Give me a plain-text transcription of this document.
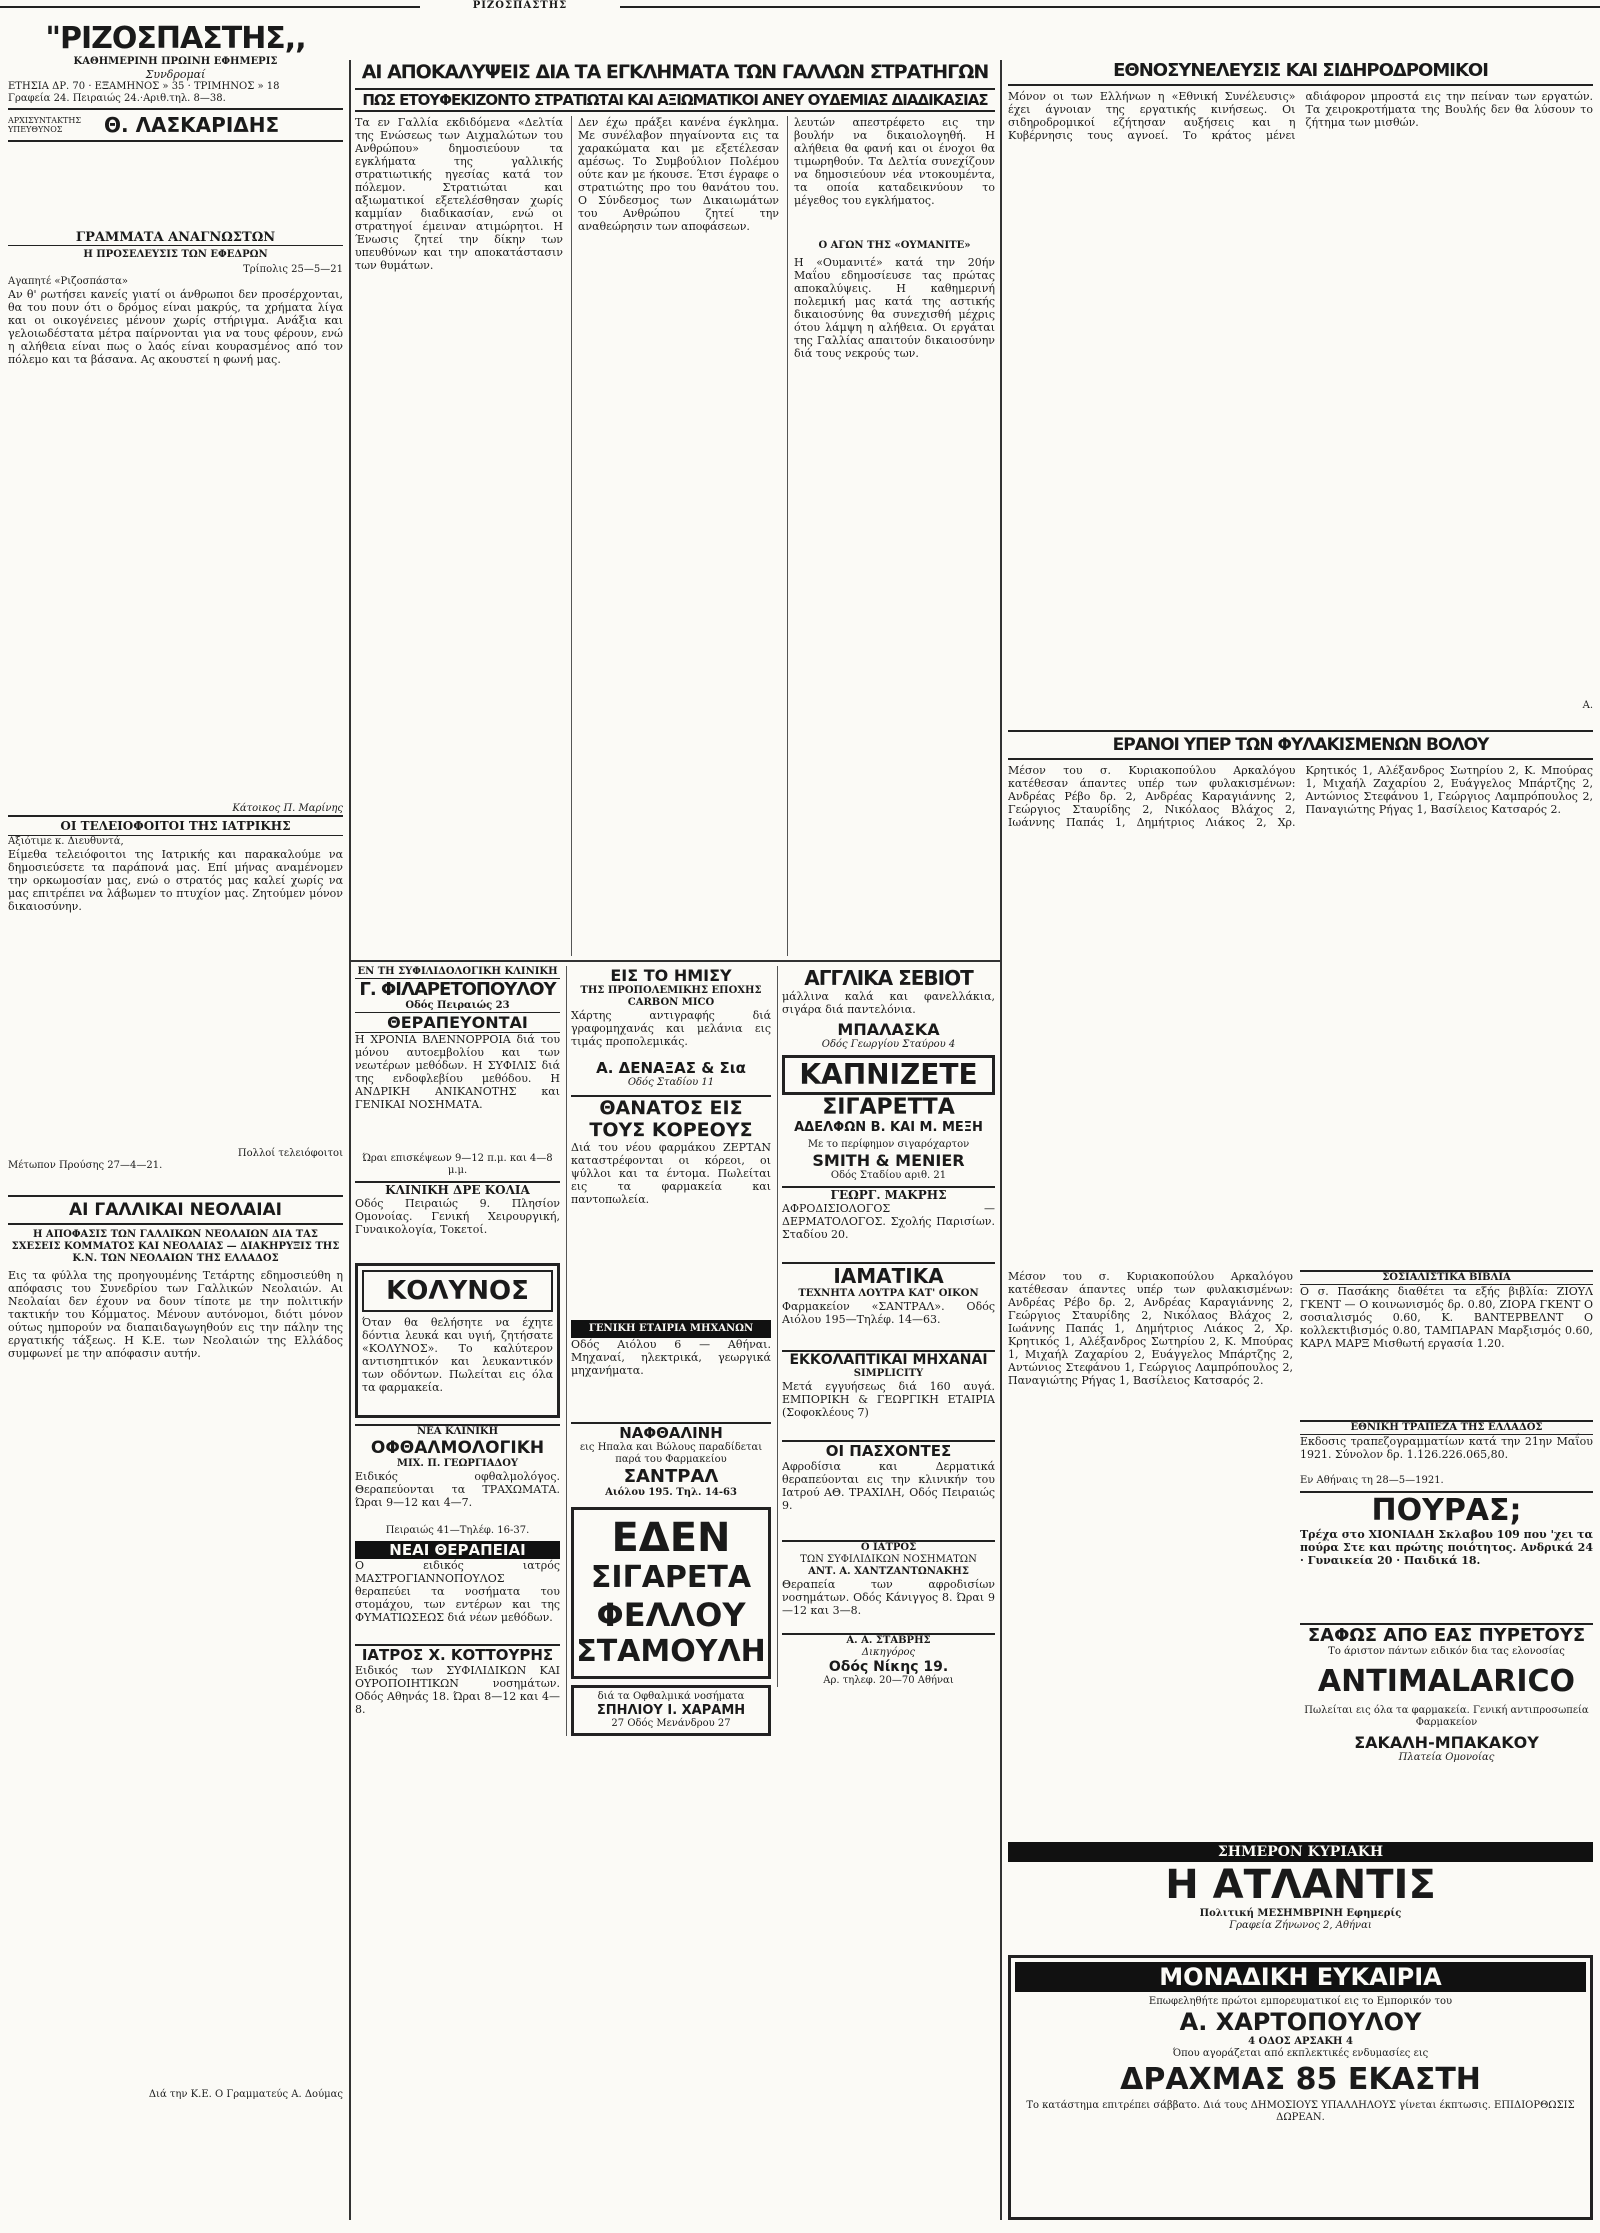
ΡΙΖΟΣΠΑΣΤΗΣ
"ΡΙΖΟΣΠΑΣΤΗΣ,,
ΚΑΘΗΜΕΡΙΝΗ ΠΡΩΙΝΗ ΕΦΗΜΕΡΙΣ
Συνδρομαί
ΕΤΗΣΙΑ ΔΡ. 70 · ΕΞΑΜΗΝΟΣ » 35 · ΤΡΙΜΗΝΟΣ » 18
Γραφεία 24. Πειραιώς 24.·Αριθ.τηλ. 8—38.
ΑΡΧΙΣΥΝΤΑΚΤΗΣ ΥΠΕΥΘΥΝΟΣ	Θ. ΛΑΣΚΑΡΙΔΗΣ
ΓΡΑΜΜΑΤΑ ΑΝΑΓΝΩΣΤΩΝ
Η ΠΡΟΣΕΛΕΥΣΙΣ ΤΩΝ ΕΦΕΔΡΩΝ
Τρίπολις 25—5—21
Αγαπητέ «Ριζοσπάστα»
Αν θ' ρωτήσει κανείς γιατί οι άνθρωποι δεν προσέρχονται, θα του πουν ότι ο δρόμος είναι μακρύς, τα χρήματα λίγα και οι οικογένειες μένουν χωρίς στήριγμα. Ανάξια και γελοιωδέστατα μέτρα παίρνονται για να τους φέρουν, ενώ η αλήθεια είναι πως ο λαός είναι κουρασμένος από τον πόλεμο και τα βάσανα. Ας ακουστεί η φωνή μας.
Κάτοικος Π. Μαρίνης
ΟΙ ΤΕΛΕΙΟΦΟΙΤΟΙ ΤΗΣ ΙΑΤΡΙΚΗΣ
Αξιότιμε κ. Διευθυντά,
Είμεθα τελειόφοιτοι της Ιατρικής και παρακαλούμε να δημοσιεύσετε τα παράπονά μας. Επί μήνας αναμένομεν την ορκωμοσίαν μας, ενώ ο στρατός μας καλεί χωρίς να μας επιτρέπει να λάβωμεν το πτυχίον μας. Ζητούμεν μόνον δικαιοσύνην.
Πολλοί τελειόφοιτοι
Μέτωπον Προύσης 27—4—21.
ΑΙ ΓΑΛΛΙΚΑΙ ΝΕΟΛΑΙΑΙ
Η ΑΠΟΦΑΣΙΣ ΤΩΝ ΓΑΛΛΙΚΩΝ ΝΕΟΛΑΙΩΝ ΔΙΑ ΤΑΣ ΣΧΕΣΕΙΣ ΚΟΜΜΑΤΟΣ ΚΑΙ ΝΕΟΛΑΙΑΣ — ΔΙΑΚΗΡΥΞΙΣ ΤΗΣ Κ.Ν. ΤΩΝ ΝΕΟΛΑΙΩΝ ΤΗΣ ΕΛΛΑΔΟΣ
Εις τα φύλλα της προηγουμένης Τετάρτης εδημοσιεύθη η απόφασις του Συνεδρίου των Γαλλικών Νεολαιών. Αι Νεολαίαι δεν έχουν να δουν τίποτε με την πολιτικήν τακτικήν του Κόμματος. Μένουν αυτόνομοι, διότι μόνον ούτως ημπορούν να διαπαιδαγωγηθούν εις την πάλην της εργατικής τάξεως. Η Κ.Ε. των Νεολαιών της Ελλάδος συμφωνεί με την απόφασιν αυτήν.
Διά την Κ.Ε. Ο Γραμματεύς Α. Δούμας
ΑΙ ΑΠΟΚΑΛΥΨΕΙΣ ΔΙΑ ΤΑ ΕΓΚΛΗΜΑΤΑ ΤΩΝ ΓΑΛΛΩΝ ΣΤΡΑΤΗΓΩΝ
ΠΩΣ ΕΤΟΥΦΕΚΙΖΟΝΤΟ ΣΤΡΑΤΙΩΤΑΙ ΚΑΙ ΑΞΙΩΜΑΤΙΚΟΙ ΑΝΕΥ ΟΥΔΕΜΙΑΣ ΔΙΑΔΙΚΑΣΙΑΣ
Τα εν Γαλλία εκδιδόμενα «Δελτία της Ενώσεως των Αιχμαλώτων του Ανθρώπου» δημοσιεύουν τα εγκλήματα της γαλλικής στρατιωτικής ηγεσίας κατά τον πόλεμον. Στρατιώται και αξιωματικοί εξετελέσθησαν χωρίς καμμίαν διαδικασίαν, ενώ οι στρατηγοί έμειναν ατιμώρητοι. Η Ένωσις ζητεί την δίκην των υπευθύνων και την αποκατάστασιν των θυμάτων.
Δεν έχω πράξει κανένα έγκλημα. Με συνέλαβον πηγαίνοντα εις τα χαρακώματα και με εξετέλεσαν αμέσως. Το Συμβούλιον Πολέμου ούτε καν με ήκουσε. Έτσι έγραφε ο στρατιώτης προ του θανάτου του. Ο Σύνδεσμος των Δικαιωμάτων του Ανθρώπου ζητεί την αναθεώρησιν των αποφάσεων.
λευτών απεστρέφετο εις την βουλήν να δικαιολογηθή. Η αλήθεια θα φανή και οι ένοχοι θα τιμωρηθούν. Τα Δελτία συνεχίζουν να δημοσιεύουν νέα ντοκουμέντα, τα οποία καταδεικνύουν το μέγεθος του εγκλήματος.
Ο ΑΓΩΝ ΤΗΣ «ΟΥΜΑΝΙΤΕ»
Η «Ουμανιτέ» κατά την 20ήν Μαΐου εδημοσίευσε τας πρώτας αποκαλύψεις. Η καθημερινή πολεμική μας κατά της αστικής δικαιοσύνης θα συνεχισθή μέχρις ότου λάμψη η αλήθεια. Οι εργάται της Γαλλίας απαιτούν δικαιοσύνην διά τους νεκρούς των.
ΕΘΝΟΣΥΝΕΛΕΥΣΙΣ ΚΑΙ ΣΙΔΗΡΟΔΡΟΜΙΚΟΙ
Μόνον οι των Ελλήνων η «Εθνική Συνέλευσις» έχει άγνοιαν της εργατικής κινήσεως. Οι σιδηροδρομικοί εζήτησαν αυξήσεις και η Κυβέρνησις τους αγνοεί. Το κράτος μένει αδιάφορον μπροστά εις την πείναν των εργατών. Τα χειροκροτήματα της Βουλής δεν θα λύσουν το ζήτημα των μισθών.
Α.
ΕΡΑΝΟΙ ΥΠΕΡ ΤΩΝ ΦΥΛΑΚΙΣΜΕΝΩΝ ΒΟΛΟΥ
Μέσον του σ. Κυριακοπούλου Αρκαλόγου κατέθεσαν άπαντες υπέρ των φυλακισμένων: Ανδρέας Ρέβο δρ. 2, Ανδρέας Καραγιάννης 2, Γεώργιος Σταυρίδης 2, Νικόλαος Βλάχος 2, Ιωάννης Παπάς 1, Δημήτριος Λιάκος 2, Χρ. Κρητικός 1, Αλέξανδρος Σωτηρίου 2, Κ. Μπούρας 1, Μιχαήλ Ζαχαρίου 2, Ευάγγελος Μπάρτζης 2, Αντώνιος Στεφάνου 1, Γεώργιος Λαμπρόπουλος 2, Παναγιώτης Ρήγας 1, Βασίλειος Κατσαρός 2.
ΣΟΣΙΑΛΙΣΤΙΚΑ ΒΙΒΛΙΑ
Ο σ. Πασάκης διαθέτει τα εξής βιβλία: ΖΙΟΥΛ ΓΚΕΝΤ — Ο κοινωνισμός δρ. 0.80, ΖΙΟΡΑ ΓΚΕΝΤ Ο σοσιαλισμός 0.60, Κ. ΒΑΝΤΕΡΒΕΛΝΤ Ο κολλεκτιβισμός 0.80, ΤΑΜΠΑΡΑΝ Μαρξισμός 0.60, ΚΑΡΛ ΜΑΡΞ Μισθωτή εργασία 1.20.
ΕΘΝΙΚΗ ΤΡΑΠΕΖΑ ΤΗΣ ΕΛΛΑΔΟΣ
Εκδοσις τραπεζογραμματίων κατά την 21ην Μαΐου 1921. Σύνολον δρ. 1.126.226.065,80.
Εν Αθήναις τη 28—5—1921.
ΠΟΥΡΑΣ;
Τρέχα στο ΧΙΟΝΙΑΔΗ Σκλαβου 109 που 'χει τα πούρα Στε και πρώτης ποιότητος. Ανδρικά 24 · Γυναικεία 20 · Παιδικά 18.
ΣΑΦΩΣ ΑΠΟ ΕΑΣ ΠΥΡΕΤΟΥΣ
Το άριστον πάντων ειδικόν δια τας ελονοσίας
ANTIMALARICO
Πωλείται εις όλα τα φαρμακεία. Γενική αντιπροσωπεία Φαρμακείον
ΣΑΚΑΛΗ-ΜΠΑΚΑΚΟΥ
Πλατεία Ομονοίας
Μέσον του σ. Κυριακοπούλου Αρκαλόγου κατέθεσαν άπαντες υπέρ των φυλακισμένων: Ανδρέας Ρέβο δρ. 2, Ανδρέας Καραγιάννης 2, Γεώργιος Σταυρίδης 2, Νικόλαος Βλάχος 2, Ιωάννης Παπάς 1, Δημήτριος Λιάκος 2, Χρ. Κρητικός 1, Αλέξανδρος Σωτηρίου 2, Κ. Μπούρας 1, Μιχαήλ Ζαχαρίου 2, Ευάγγελος Μπάρτζης 2, Αντώνιος Στεφάνου 1, Γεώργιος Λαμπρόπουλος 2, Παναγιώτης Ρήγας 1, Βασίλειος Κατσαρός 2.
ΣΗΜΕΡΟΝ ΚΥΡΙΑΚΗ
Η ΑΤΛΑΝΤΙΣ
Πολιτική ΜΕΣΗΜΒΡΙΝΗ Εφημερίς
Γραφεία Ζήνωνος 2, Αθήναι
ΜΟΝΑΔΙΚΗ ΕΥΚΑΙΡΙΑ
Επωφεληθήτε πρώτοι εμπορευματικοί εις το Εμπορικόν του
Α. ΧΑΡΤΟΠΟΥΛΟΥ
4 ΟΔΟΣ ΑΡΣΑΚΗ 4
Όπου αγοράζεται από εκπλεκτικές ενδυμασίες εις
ΔΡΑΧΜΑΣ 85 ΕΚΑΣΤΗ
Το κατάστημα επιτρέπει σάββατο. Διά τους ΔΗΜΟΣΙΟΥΣ ΥΠΑΛΛΗΛΟΥΣ γίνεται έκπτωσις. ΕΠΙΔΙΟΡΘΩΣΙΣ ΔΩΡΕΑΝ.
ΕΝ ΤΗ ΣΥΦΙΛΙΔΟΛΟΓΙΚΗ ΚΛΙΝΙΚΗ
Γ. ΦΙΛΑΡΕΤΟΠΟΥΛΟΥ
Οδός Πειραιώς 23
ΘΕΡΑΠΕΥΟΝΤΑΙ
Η ΧΡΟΝΙΑ ΒΛΕΝΝΟΡΡΟΙΑ διά του μόνου αυτοεμβολίου και των νεωτέρων μεθόδων. Η ΣΥΦΙΛΙΣ διά της ενδοφλεβίου μεθόδου. Η ΑΝΔΡΙΚΗ ΑΝΙΚΑΝΟΤΗΣ και ΓΕΝΙΚΑΙ ΝΟΣΗΜΑΤΑ.
Ώραι επισκέψεων 9—12 π.μ. και 4—8 μ.μ.
ΚΛΙΝΙΚΗ ΔΡΕ ΚΟΛΙΑ
Οδός Πειραιώς 9. Πλησίον Ομονοίας. Γενική Χειρουργική, Γυναικολογία, Τοκετοί.
ΚΟΛΥΝΟΣ
Όταν θα θελήσητε να έχητε δόντια λευκά και υγιή, ζητήσατε «ΚΟΛΥΝΟΣ». Το καλύτερον αντισηπτικόν και λευκαντικόν των οδόντων. Πωλείται εις όλα τα φαρμακεία.
ΝΕΑ ΚΛΙΝΙΚΗ
ΟΦΘΑΛΜΟΛΟΓΙΚΗ
ΜΙΧ. Π. ΓΕΩΡΓΙΑΔΟΥ
Ειδικός οφθαλμολόγος. Θεραπεύονται τα ΤΡΑΧΩΜΑΤΑ. Ώραι 9—12 και 4—7.
Πειραιώς 41—Τηλέφ. 16-37.
ΝΕΑΙ ΘΕΡΑΠΕΙΑΙ
Ο ειδικός ιατρός ΜΑΣΤΡΟΓΙΑΝΝΟΠΟΥΛΟΣ θεραπεύει τα νοσήματα του στομάχου, των εντέρων και της ΦΥΜΑΤΙΩΣΕΩΣ διά νέων μεθόδων.
ΙΑΤΡΟΣ Χ. ΚΟΤΤΟΥΡΗΣ
Ειδικός των ΣΥΦΙΛΙΔΙΚΩΝ ΚΑΙ ΟΥΡΟΠΟΙΗΤΙΚΩΝ νοσημάτων. Οδός Αθηνάς 18. Ώραι 8—12 και 4—8.
ΕΙΣ ΤΟ ΗΜΙΣΥ
ΤΗΣ ΠΡΟΠΟΛΕΜΙΚΗΣ ΕΠΟΧΗΣ
CARBON MICO
Χάρτης αντιγραφής διά γραφομηχανάς και μελάνια εις τιμάς προπολεμικάς.
Α. ΔΕΝΑΞΑΣ & Σια
Οδός Σταδίου 11
ΘΑΝΑΤΟΣ ΕΙΣ ΤΟΥΣ ΚΟΡΕΟΥΣ
Διά του νέου φαρμάκου ΖΕΡΤΑΝ καταστρέφονται οι κόρεοι, οι ψύλλοι και τα έντομα. Πωλείται εις τα φαρμακεία και παντοπωλεία.
ΓΕΝΙΚΗ ΕΤΑΙΡΙΑ ΜΗΧΑΝΩΝ
Οδός Αιόλου 6 — Αθήναι. Μηχαναί, ηλεκτρικά, γεωργικά μηχανήματα.
ΝΑΦΘΑΛΙΝΗ
εις Ηπαλα και Βώλους παραδίδεται παρά του Φαρμακείου
ΣΑΝΤΡΑΛ
Αιόλου 195. Τηλ. 14-63
ΕΔΕΝ
ΣΙΓΑΡΕΤΑ
ΦΕΛΛΟΥ
ΣΤΑΜΟΥΛΗ
διά τα Οφθαλμικά νοσήματα
ΣΠΗΛΙΟΥ Ι. ΧΑΡΑΜΗ
27 Οδός Μενάνδρου 27
ΑΓΓΛΙΚΑ ΣΕΒΙΟΤ
μάλλινα καλά και φανελλάκια, σιγάρα διά παντελόνια.
ΜΠΑΛΑΣΚΑ
Οδός Γεωργίου Σταύρου 4
ΚΑΠΝΙΖΕΤΕ
ΣΙΓΑΡΕΤΤΑ
ΑΔΕΛΦΩΝ Β. ΚΑΙ Μ. ΜΕΞΗ
Με το περίφημον σιγαρόχαρτον
SMITH & MENIER
Οδός Σταδίου αριθ. 21
ΓΕΩΡΓ. ΜΑΚΡΗΣ
ΑΦΡΟΔΙΣΙΟΛΟΓΟΣ — ΔΕΡΜΑΤΟΛΟΓΟΣ. Σχολής Παρισίων. Σταδίου 20.
ΙΑΜΑΤΙΚΑ
ΤΕΧΝΗΤΑ ΛΟΥΤΡΑ ΚΑΤ' ΟΙΚΟΝ
Φαρμακείον «ΣΑΝΤΡΑΛ». Οδός Αιόλου 195—Τηλέφ. 14—63.
ΕΚΚΟΛΑΠΤΙΚΑΙ ΜΗΧΑΝΑΙ
SIMPLICITY
Μετά εγγυήσεως διά 160 αυγά. ΕΜΠΟΡΙΚΗ & ΓΕΩΡΓΙΚΗ ΕΤΑΙΡΙΑ (Σοφοκλέους 7)
ΟΙ ΠΑΣΧΟΝΤΕΣ
Αφροδίσια και Δερματικά θεραπεύονται εις την κλινικήν του Ιατρού ΑΘ. ΤΡΑΧΙΛΗ, Οδός Πειραιώς 9.
Ο ΙΑΤΡΟΣ
ΤΩΝ ΣΥΦΙΛΙΔΙΚΩΝ ΝΟΣΗΜΑΤΩΝ
ΑΝΤ. Α. ΧΑΝΤΖΑΝΤΩΝΑΚΗΣ
Θεραπεία των αφροδισίων νοσημάτων. Οδός Κάνιγγος 8. Ώραι 9—12 και 3—8.
Α. Α. ΣΤΑΒΡΗΣ
Δικηγόρος
Οδός Νίκης 19.
Αρ. τηλεφ. 20—70 Αθήναι
